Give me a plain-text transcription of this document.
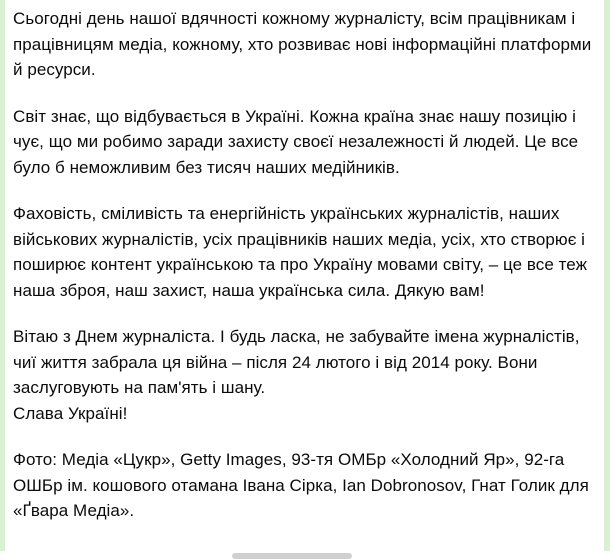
Сьогодні день нашої вдячності кожному журналісту, всім працівникам і працівницям медіа, кожному, хто розвиває нові інформаційні платформи й ресурси.

Світ знає, що відбувається в Україні. Кожна країна знає нашу позицію і чує, що ми робимо заради захисту своєї незалежності й людей. Це все було б неможливим без тисяч наших медійників.

Фаховість, сміливість та енергійність українських журналістів, наших військових журналістів, усіх працівників наших медіа, усіх, хто створює і поширює контент українською та про Україну мовами світу, – це все теж наша зброя, наш захист, наша українська сила. Дякую вам!

Вітаю з Днем журналіста. І будь ласка, не забувайте імена журналістів, чиї життя забрала ця війна – після 24 лютого і від 2014 року. Вони заслуговують на пам'ять і шану.

Слава Україні!

Фото: Медіа «Цукр», Getty Images, 93-тя ОМБр «Холодний Яр», 92-га ОШБр ім. кошового отамана Івана Сірка, Ian Dobronosov, Гнат Голик для «Ґвара Медіа».
